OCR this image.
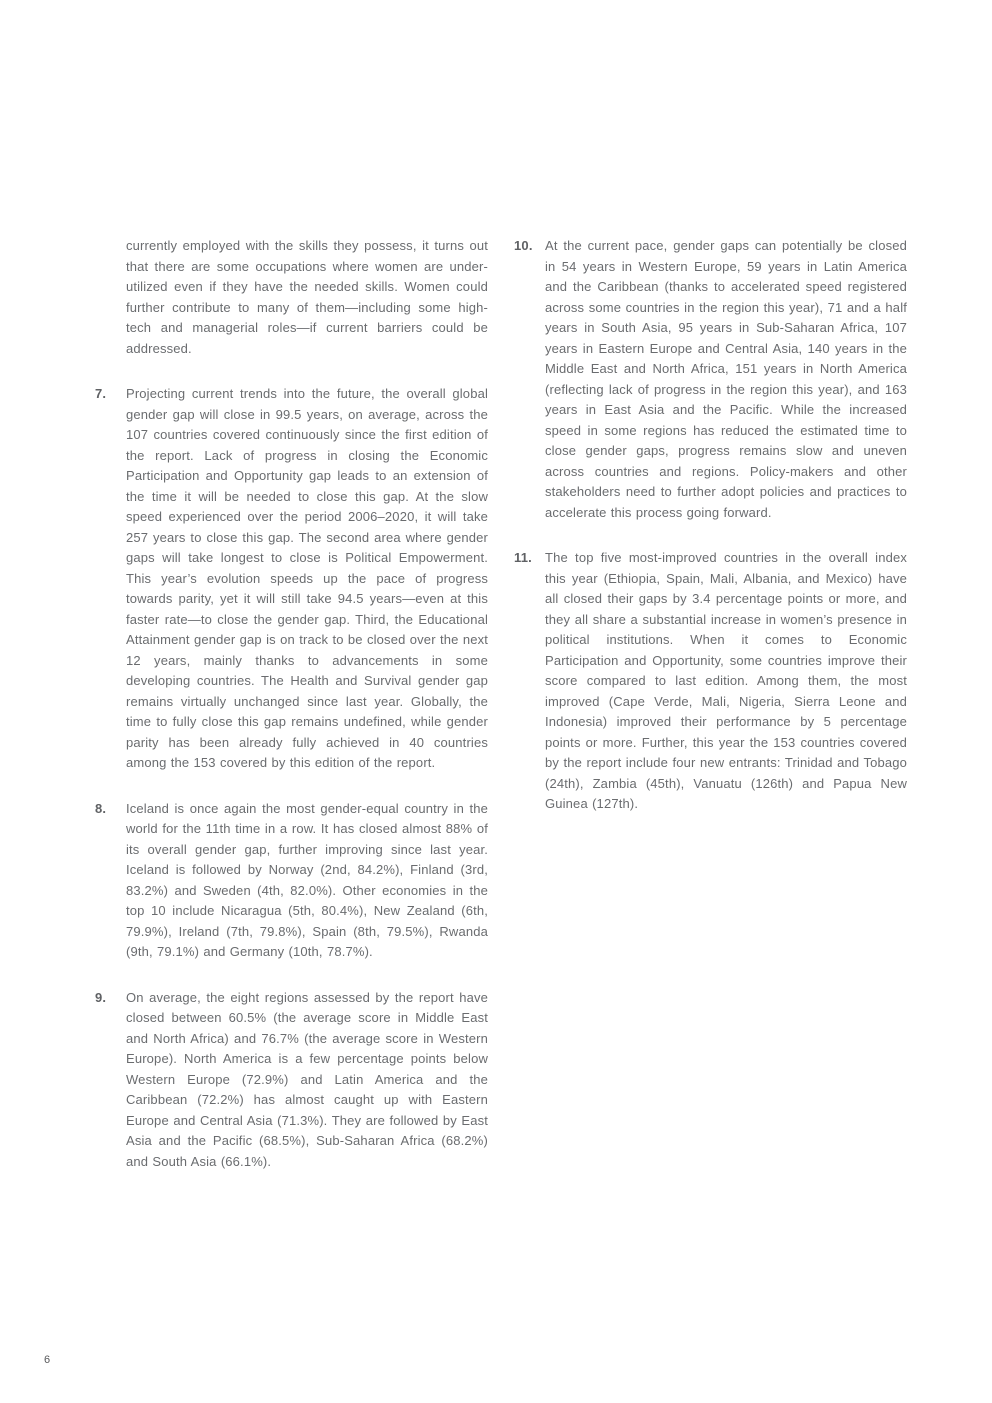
currently employed with the skills they possess, it turns out that there are some occupations where women are under-utilized even if they have the needed skills. Women could further contribute to many of them—including some high-tech and managerial roles—if current barriers could be addressed.

7.	Projecting current trends into the future, the overall global gender gap will close in 99.5 years, on average, across the 107 countries covered continuously since the first edition of the report. Lack of progress in closing the Economic Participation and Opportunity gap leads to an extension of the time it will be needed to close this gap. At the slow speed experienced over the period 2006–2020, it will take 257 years to close this gap. The second area where gender gaps will take longest to close is Political Empowerment. This year’s evolution speeds up the pace of progress towards parity, yet it will still take 94.5 years—even at this faster rate—to close the gender gap. Third, the Educational Attainment gender gap is on track to be closed over the next 12 years, mainly thanks to advancements in some developing countries. The Health and Survival gender gap remains virtually unchanged since last year. Globally, the time to fully close this gap remains undefined, while gender parity has been already fully achieved in 40 countries among the 153 covered by this edition of the report.

8.	Iceland is once again the most gender-equal country in the world for the 11th time in a row. It has closed almost 88% of its overall gender gap, further improving since last year. Iceland is followed by Norway (2nd, 84.2%), Finland (3rd, 83.2%) and Sweden (4th, 82.0%). Other economies in the top 10 include Nicaragua (5th, 80.4%), New Zealand (6th, 79.9%), Ireland (7th, 79.8%), Spain (8th, 79.5%), Rwanda (9th, 79.1%) and Germany (10th, 78.7%).

9.	On average, the eight regions assessed by the report have closed between 60.5% (the average score in Middle East and North Africa) and 76.7% (the average score in Western Europe). North America is a few percentage points below Western Europe (72.9%) and Latin America and the Caribbean (72.2%) has almost caught up with Eastern Europe and Central Asia (71.3%). They are followed by East Asia and the Pacific (68.5%), Sub-Saharan Africa (68.2%) and South Asia (66.1%).

10. At the current pace, gender gaps can potentially be closed in 54 years in Western Europe, 59 years in Latin America and the Caribbean (thanks to accelerated speed registered across some countries in the region this year), 71 and a half years in South Asia, 95 years in Sub-Saharan Africa, 107 years in Eastern Europe and Central Asia, 140 years in the Middle East and North Africa, 151 years in North America (reflecting lack of progress in the region this year), and 163 years in East Asia and the Pacific. While the increased speed in some regions has reduced the estimated time to close gender gaps, progress remains slow and uneven across countries and regions. Policy-makers and other stakeholders need to further adopt policies and practices to accelerate this process going forward.

11.	The top five most-improved countries in the overall index this year (Ethiopia, Spain, Mali, Albania, and Mexico) have all closed their gaps by 3.4 percentage points or more, and they all share a substantial increase in women’s presence in political institutions. When it comes to Economic Participation and Opportunity, some countries improve their score compared to last edition. Among them, the most improved (Cape Verde, Mali, Nigeria, Sierra Leone and Indonesia) improved their performance by 5 percentage points or more. Further, this year the 153 countries covered by the report include four new entrants: Trinidad and Tobago (24th), Zambia (45th), Vanuatu (126th) and Papua New Guinea (127th).

6
